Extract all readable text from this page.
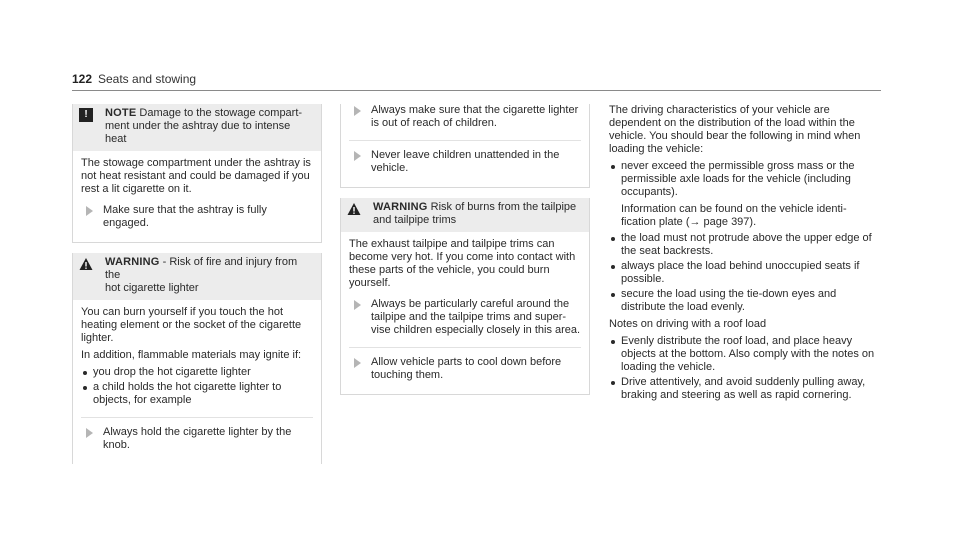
122 Seats and stowing
!	NOTE Damage to the stowage compart-
ment under the ashtray due to intense
heat

The stowage compartment under the ashtray is not heat resistant and could be damaged if you rest a lit cigarette on it.

Make sure that the ashtray is fully engaged.
WARNING - Risk of fire and injury from the
hot cigarette lighter

You can burn yourself if you touch the hot heating element or the socket of the cigarette lighter.

In addition, flammable materials may ignite if:

you drop the hot cigarette lighter
a child holds the hot cigarette lighter to objects, for example
Always hold the cigarette lighter by the knob.
Always make sure that the cigarette lighter is out of reach of children.
Never leave children unattended in the vehicle.
WARNING Risk of burns from the tailpipe
and tailpipe trims

The exhaust tailpipe and tailpipe trims can become very hot. If you come into contact with these parts of the vehicle, you could burn yourself.

Always be particularly careful around the tailpipe and the tailpipe trims and super-vise children especially closely in this area.
Allow vehicle parts to cool down before touching them.

The driving characteristics of your vehicle are dependent on the distribution of the load within the vehicle. You should bear the following in mind when loading the vehicle:

never exceed the permissible gross mass or the permissible axle loads for the vehicle (including occupants).

Information can be found on the vehicle identi-fication plate (→ page 397).

the load must not protrude above the upper edge of the seat backrests.
always place the load behind unoccupied seats if possible.
secure the load using the tie-down eyes and distribute the load evenly.

Notes on driving with a roof load

Evenly distribute the roof load, and place heavy objects at the bottom. Also comply with the notes on loading the vehicle.
Drive attentively, and avoid suddenly pulling away, braking and steering as well as rapid cornering.
